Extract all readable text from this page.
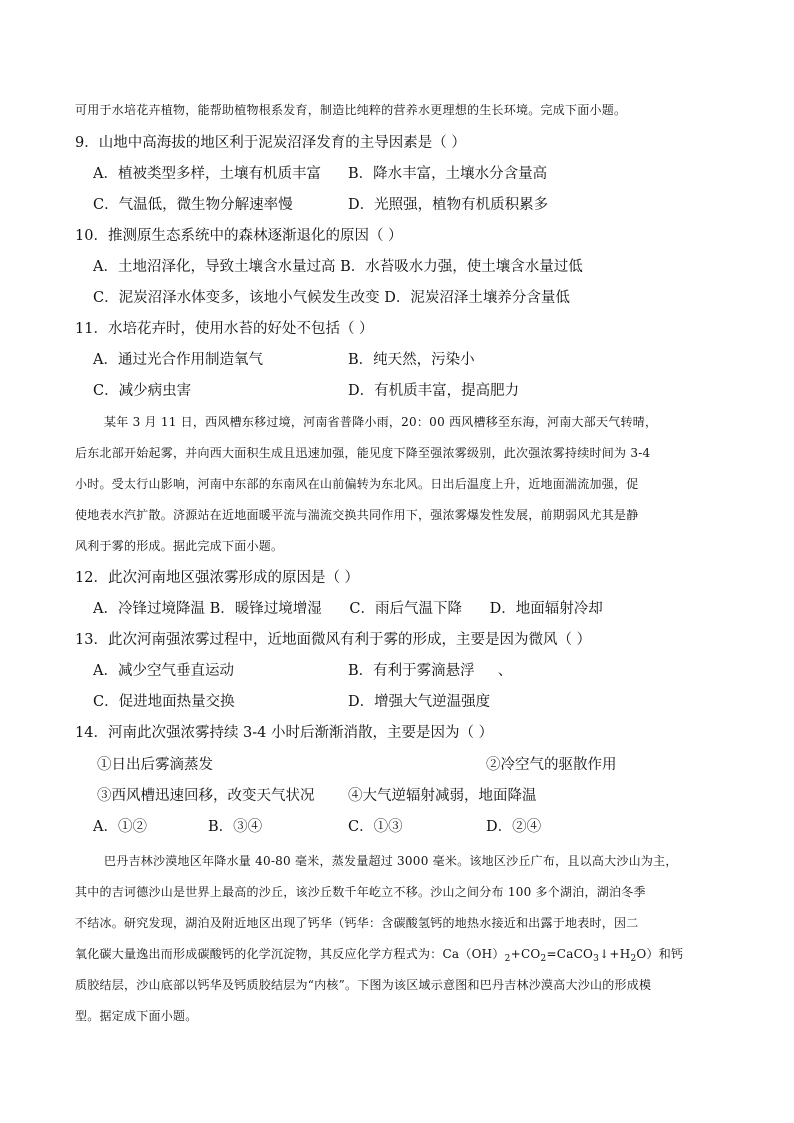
可用于水培花卉植物，能帮助植物根系发育，制造比纯粹的营养水更理想的生长环境。完成下面小题。
9．山地中高海拔的地区利于泥炭沼泽发育的主导因素是（ ）
A．植被类型多样，土壤有机质丰富 B．降水丰富，土壤水分含量高
C．气温低，微生物分解速率慢	D．光照强，植物有机质积累多
10．推测原生态系统中的森林逐渐退化的原因（ ）
A．土地沼泽化，导致土壤含水量过高 B．水苔吸水力强，使土壤含水量过低
C．泥炭沼泽水体变多，该地小气候发生改变 D．泥炭沼泽土壤养分含量低
11．水培花卉时，使用水苔的好处不包括（ ）
A．通过光合作用制造氧气	B．纯天然，污染小
C．减少病虫害	D．有机质丰富，提高肥力
某年 3 月 11 日，西风槽东移过境，河南省普降小雨，20：00 西风槽移至东海，河南大部天气转晴，
后东北部开始起雾，并向西大面积生成且迅速加强，能见度下降至强浓雾级别，此次强浓雾持续时间为 3-4
小时。受太行山影响，河南中东部的东南风在山前偏转为东北风。日出后温度上升，近地面湍流加强，促
使地表水汽扩散。济源站在近地面暖平流与湍流交换共同作用下，强浓雾爆发性发展，前期弱风尤其是静
风利于雾的形成。据此完成下面小题。
12．此次河南地区强浓雾形成的原因是（ ）
A．冷锋过境降温 B．暖锋过境增湿      C．雨后气温下降      D．地面辐射冷却
13．此次河南强浓雾过程中，近地面微风有利于雾的形成，主要是因为微风（ ）
A．减少空气垂直运动	B．有利于雾滴悬浮     、
C．促进地面热量交换	D．增强大气逆温强度
14．河南此次强浓雾持续 3-4 小时后渐渐消散，主要是因为（ ）
①日出后雾滴蒸发	②冷空气的驱散作用
③西风槽迅速回移，改变天气状况 ④大气逆辐射减弱，地面降温
A．①②	B．③④	C．①③	D．②④
巴丹吉林沙漠地区年降水量 40-80 毫米，蒸发量超过 3000 毫米。该地区沙丘广布，且以高大沙山为主，
其中的吉诃德沙山是世界上最高的沙丘，该沙丘数千年屹立不移。沙山之间分布 100 多个湖泊，湖泊冬季
不结冰。研究发现，湖泊及附近地区出现了钙华（钙华：含碳酸氢钙的地热水接近和出露于地表时，因二
氧化碳大量逸出而形成碳酸钙的化学沉淀物，其反应化学方程式为：$Ca(OH)_2+CO_2=CaCO_3↓+H_2O$）和钙
质胶结层，沙山底部以钙华及钙质胶结层为“内核”。下图为该区域示意图和巴丹吉林沙漠高大沙山的形成模
型。据定成下面小题。
